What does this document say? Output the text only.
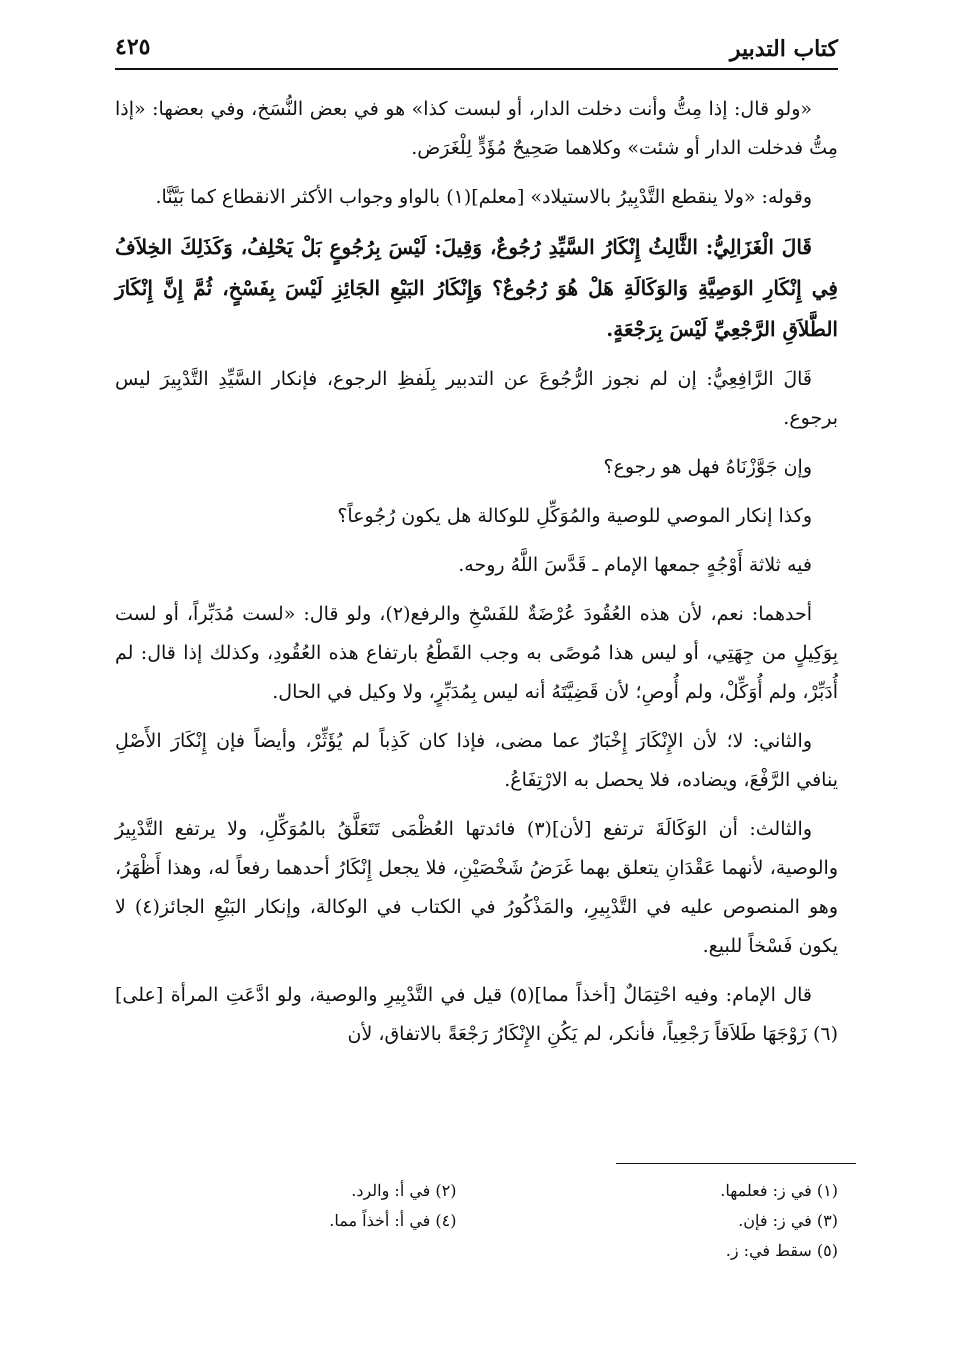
كتاب التدبير
٤٢٥

«ولو قال: إذا مِتُّ وأنت دخلت الدار، أو لبست كذا» هو في بعض النُّسَخ، وفي بعضها: «إذا مِتُّ فدخلت الدار أو شئت» وكلاهما صَحِيحٌ مُؤَدٍّ لِلْغَرَض.

وقوله: «ولا ينقطع التَّدْبِيرُ بالاستيلاد» [معلم](١) بالواو وجواب الأكثر الانقطاع كما بَيَّنَّا.

قَالَ الْغَزَالِيُّ: الثَّالِثُ إِنْكَارُ السَّيِّدِ رُجُوعٌ، وَقِيلَ: لَيْسَ بِرُجُوعٍ بَلْ يَحْلِفُ، وَكَذَلِكَ الخِلاَفُ فِي إِنْكَارِ الوَصِيَّةِ وَالوَكَالَةِ هَلْ هُوَ رُجُوعٌ؟ وَإِنْكَارُ البَيْعِ الجَائِزِ لَيْسَ بِفَسْخٍ، ثُمَّ إِنَّ إِنْكَارَ الطَّلاَقِ الرَّجْعِيِّ لَيْسَ بِرَجْعَةٍ.

قَالَ الرَّافِعِيُّ: إن لم نجوز الرُّجُوعَ عن التدبير بِلَفظِ الرجوع، فإنكار السَّيِّدِ التَّدْبِيرَ ليس برجوع.

وإن جَوَّزْنَاهُ فهل هو رجوع؟

وكذا إنكار الموصي للوصية والمُوَكِّلِ للوكالة هل يكون رُجُوعاً؟

فيه ثلاثة أَوْجُهٍ جمعها الإمام ـ قَدَّسَ اللَّهُ روحه.

أحدهما: نعم، لأن هذه العُقُودَ عُرْضَةٌ للفَسْخِ والرفع(٢)، ولو قال: «لست مُدَبِّراً، أو لست بِوَكِيلٍ من جِهَتِي، أو ليس هذا مُوصًى به وجب القَطْعُ بارتفاع هذه العُقُودِ، وكذلك إذا قال: لم أُدَبِّرْ، ولم أُوَكِّلْ، ولم أُوصِ؛ لأن قَضِيَّتَهُ أنه ليس بِمُدَبِّرٍ، ولا وكيل في الحال.

والثاني: لا؛ لأن الإِنْكَارَ إِخْبَارٌ عما مضى، فإذا كان كَذِباً لم يُؤَثِّرْ، وأيضاً فإن إِنْكَارَ الأَصْلِ ينافي الرَّفْعَ، ويضاده، فلا يحصل به الارْتِفَاعُ.

والثالث: أن الوَكَالَةَ ترتفع [لأن](٣) فائدتها العُظْمَى تَتَعَلَّقُ بالمُوَكِّلِ، ولا يرتفع التَّدْبِيرُ والوصية، لأنهما عَقْدَانِ يتعلق بهما غَرَضُ شَخْصَيْنِ، فلا يجعل إِنْكَارُ أحدهما رفعاً له، وهذا أَظْهَرُ، وهو المنصوص عليه في التَّدْبِيرِ، والمَذْكُورُ في الكتاب في الوكالة، وإنكار البَيْعِ الجائز(٤) لا يكون فَسْخاً للبيع.

قال الإمام: وفيه احْتِمَالٌ [أخذاً مما](٥) قيل في التَّدْبِيرِ والوصية، ولو ادَّعَتِ المرأة [على](٦) زَوْجَهَا طَلاَقاً رَجْعِياً، فأنكر، لم يَكُنِ الإِنْكَارُ رَجْعَةً بالاتفاق، لأن

(١) في ز: فعلمها.
(٢) في أ: والرد.
(٣) في ز: فإن.
(٤) في أ: أخذاً مما.
(٥) سقط في: ز.
